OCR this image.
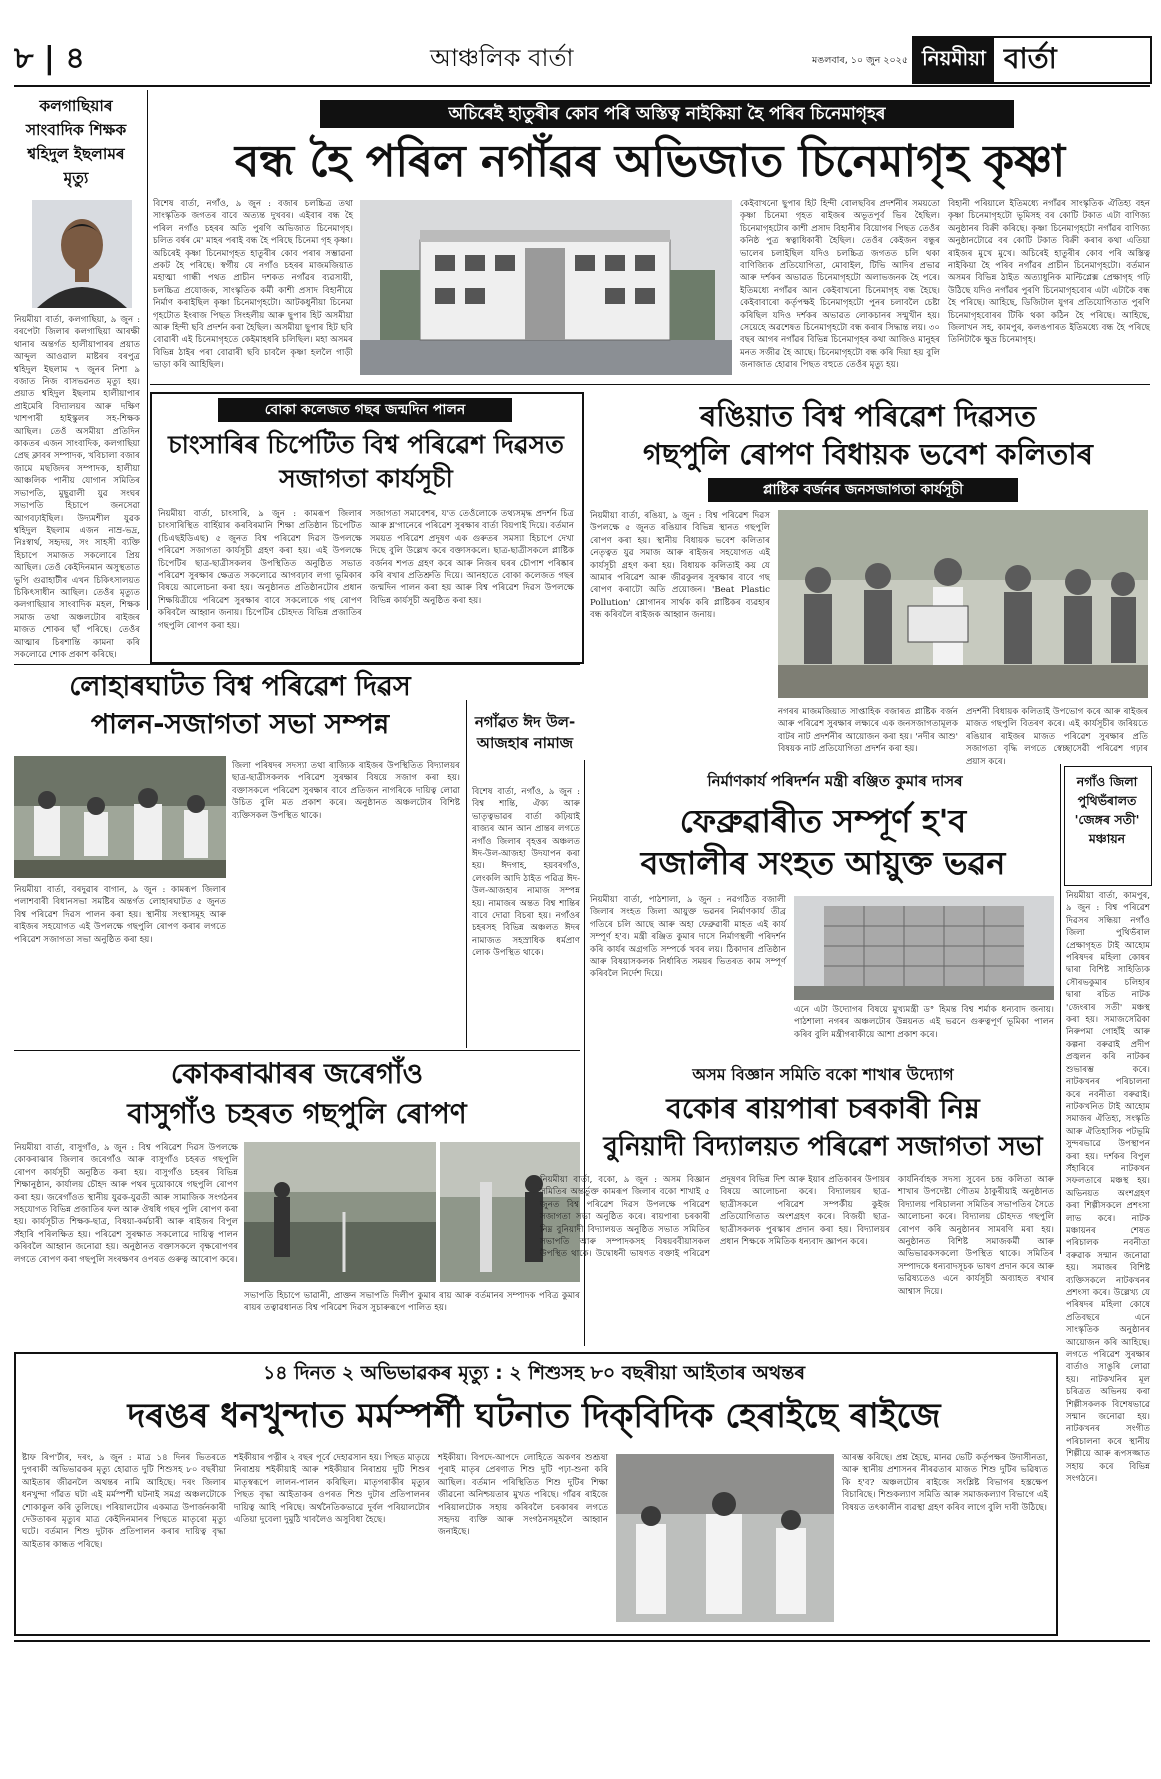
৮ | ৪	আঞ্চলিক বাৰ্তা	মঙলবাৰ, ১০ জুন ২০২৫ নিয়মীয়া বাৰ্তা
কলগাছিয়াৰ সাংবাদিক শিক্ষক শ্বহিদুল ইছলামৰ মৃত্যু
নিয়মীয়া বাৰ্তা, কলগাছিয়া, ৯ জুন : বৰপেটা জিলাৰ কলগাছিয়া আৰক্ষী থানাৰ অন্তৰ্গত হালীয়াপাৰৰ প্ৰয়াত আব্দুল আওৱাল মাষ্টৰৰ বৰপুত্ৰ শ্বহিদুল ইছলাম ৭ জুনৰ নিশা ৯ বজাত নিজ বাসভৱনত মৃত্যু হয়। প্ৰয়াত শ্বহিদুল ইছলাম হালীয়াপাৰ প্ৰাইমেৰি বিদ্যালয়ৰ আৰু দক্ষিণ খাশপাৰী হাইস্কুলৰ সহ-শিক্ষক আছিল। তেওঁ অসমীয়া প্ৰতিদিন কাকতৰ এজন সাংবাদিক, কলগাছিয়া প্ৰেছ ক্লাবৰ সম্পাদক, খবিচালা বজাৰ জামে মছজিদৰ সম্পাদক, হালীয়া আঞ্চলিক পানীয় যোগান সমিতিৰ সভাপতি, মুছুৱালী যুৱ সংঘৰ সভাপতি হিচাপে জনসেৱা আগবঢ়াইছিল। উদ্যমশীল যুৱক শ্বহিদুল ইছলাম এজন নাম্ৰ-ভদ্ৰ, নিঃস্বাৰ্থ, সহৃদয়, সং সাহসী ব্যক্তি হিচাপে সমাজত সকলোৰে প্ৰিয় আছিল। তেওঁ কেইদিনমান অসুস্থতাত ভুগি গুৱাহাটীৰ এখন চিকিৎসালয়ত চিকিৎসাধীন আছিল। তেওঁৰ মৃত্যুত কলগাছিয়াৰ সাংবাদিক মহল, শিক্ষক সমাজ তথা অঞ্চলটোৰ ৰাইজৰ মাজত শোকৰ ছাঁ পৰিছে। তেওঁৰ আত্মাৰ চিৰশান্তি কামনা কৰি সকলোৱে শোক প্ৰকাশ কৰিছে।
অচিৰেই হাতুৰীৰ কোব পৰি অস্তিত্ব নাইকিয়া হৈ পৰিব চিনেমাগৃহৰ
বন্ধ হৈ পৰিল নগাঁৱৰ অভিজাত চিনেমাগৃহ কৃষ্ণা
বিশেষ বাৰ্তা, নগাঁও, ৯ জুন : বজাৰ চলচ্চিত্ৰ তথা সাংস্কৃতিক জগতৰ বাবে অত্যন্ত দুখবৰ। এইবাৰ বন্ধ হৈ পৰিল নগাঁও চহৰৰ অতি পুৰণি অভিজাত চিনেমাগৃহ। চলিত বৰ্ষৰ মে' মাহৰ পৰাই বন্ধ হৈ পৰিছে চিনেমা গৃহ কৃষ্ণা। অচিৰেই কৃষ্ণা চিনেমাগৃহত হাতুৰীৰ কোব পৰাৰ সম্ভাৱনা প্ৰকট হৈ পৰিছে। স্বৰ্গীয় যে নগাঁও চহৰৰ মাজমজিয়াত মহাত্মা গান্ধী পথত প্ৰাচীন দশকত নগাঁৱৰ ব্যৱসায়ী, চলচ্চিত্ৰ প্ৰযোজক, সাংস্কৃতিক কৰ্মী কাশী প্ৰসাদ বিহানীয়ে নিৰ্মাণ কৰাইছিল কৃষ্ণা চিনেমাগৃহটো। আটকধুনীয়া চিনেমা গৃহটোত ইংৰাজ পিছত সিংহলীয় আৰু ছুপাৰ হিট অসমীয়া আৰু হিন্দী ছবি প্ৰদৰ্শন কৰা হৈছিল। অসমীয়া ছুপাৰ হিট ছবি বোৱাৰী এই চিনেমাগৃহতে কেইমাহধৰি চলিছিল। মহা অসমৰ বিভিন্ন ঠাইৰ পৰা বোৱাৰী ছবি চাবলৈ কৃষ্ণা হললৈ গাড়ী ভাড়া কৰি আহিছিল।
কেইবাখনো ছুপাৰ হিট হিন্দী বোলছবিৰ প্ৰদৰ্শনীৰ সময়তো কৃষ্ণা চিনেমা গৃহত ৰাইজৰ অভূতপূৰ্ব ভিৰ হৈছিল। চিনেমাগৃহটোৰ কাশী প্ৰসাদ বিহানীৰ বিয়োগৰ পিছত তেওঁৰ কনিষ্ঠ পুত্ৰ স্বত্বাধিকাৰী হৈছিল। তেওঁৰ কেইজন বন্ধুৰ ভালেৰ চলাইছিল যদিও চলচ্চিত্ৰ জগতত চলি থকা বাণিজ্যিক প্ৰতিযোগিতা, মোবাইল, টিভি আদিৰ প্ৰভাৱ আৰু দৰ্শকৰ অভাৱত চিনেমাগৃহটো অলাভজনক হৈ পৰে। ইতিমধ্যে নগাঁৱৰ আন কেইবাখনো চিনেমাগৃহ বন্ধ হৈছে। কেইবাবাৰো কৰ্তৃপক্ষই চিনেমাগৃহটো পুনৰ চলাবলৈ চেষ্টা কৰিছিল যদিও দৰ্শকৰ অভাৱত লোকচানৰ সন্মুখীন হয়। সেয়েহে অৱশেষত চিনেমাগৃহটো বন্ধ কৰাৰ সিদ্ধান্ত লয়। ৩০ বছৰ আগৰ নগাঁৱৰ বিভিন্ন চিনেমাগৃহৰ কথা আজিও মানুহৰ মনত সজীৱ হৈ আছে। চিনেমাগৃহটো বন্ধ কৰি দিয়া হয় বুলি জনাজাত হোৱাৰ পিছত বহুতে তেওঁৰ মৃত্যু হয়।
বিহানী পৰিয়ালে ইতিমধ্যে নগাঁৱৰ সাংস্কৃতিক ঐতিহ্য বহন কৃষ্ণা চিনেমাগৃহটো ভূমিসহ বৰ কোটি টকাত এটা বাণিজ্য অনুষ্ঠানৰ বিক্ৰী কৰিছে। কৃষ্ণা চিনেমাগৃহটো নগাঁৱৰ বাণিজ্য অনুষ্ঠানটোৱে বৰ কোটি টকাত বিক্ৰী কৰাৰ কথা এতিয়া ৰাইজৰ মুখে মুখে। অচিৰেই হাতুৰীৰ কোব পৰি অস্তিত্ব নাইকিয়া হৈ পৰিব নগাঁৱৰ প্ৰাচীন চিনেমাগৃহটো। বৰ্তমান অসমৰ বিভিন্ন ঠাইত অত্যাধুনিক মাল্টিপ্লেক্স প্ৰেক্ষাগৃহ গঢ়ি উঠিছে যদিও নগাঁৱৰ পুৰণি চিনেমাগৃহবোৰ এটা এটাকৈ বন্ধ হৈ পৰিছে। আহিছে, ডিজিটাল যুগৰ প্ৰতিযোগিতাত পুৰণি চিনেমাগৃহবোৰৰ টিকি থকা কঠিন হৈ পৰিছে। আহিছে, জিলাখন সহ, কামপুৰ, কলঙপাৰত ইতিমধ্যে বন্ধ হৈ পৰিছে তিনিটাকৈ ক্ষুদ্ৰ চিনেমাগৃহ।
বোকা কলেজত গছৰ জন্মদিন পালন
চাংসাৰিৰ চিপেটিত বিশ্ব পৰিৱেশ দিৱসত সজাগতা কাৰ্যসূচী
নিয়মীয়া বাৰ্তা, চাংসাৰি, ৯ জুন : কামৰূপ জিলাৰ চাংসাৰিস্থিত বাৰ্হিয়াৰ কৰবিৰমানি শিক্ষা প্ৰতিষ্ঠান চিপেটিত (চিএছইডিএছ) ৫ জুনত বিশ্ব পৰিৱেশ দিৱস উপলক্ষে পৰিৱেশ সজাগতা কাৰ্যসূচী গ্ৰহণ কৰা হয়। এই উপলক্ষে চিপেটিৰ ছাত্ৰ-ছাত্ৰীসকলৰ উপস্থিতিত অনুষ্ঠিত সভাত পৰিৱেশ সুৰক্ষাৰ ক্ষেত্ৰত সকলোৱে আগবঢ়াব লগা ভূমিকাৰ বিষয়ে আলোচনা কৰা হয়। অনুষ্ঠানত প্ৰতিষ্ঠানটোৰ প্ৰধান শিক্ষয়িত্ৰীয়ে পৰিৱেশ সুৰক্ষাৰ বাবে সকলোকে গছ ৰোপণ কৰিবলৈ আহ্বান জনায়। চিপেটিৰ চৌহদত বিভিন্ন প্ৰজাতিৰ গছপুলি ৰোপণ কৰা হয়।
সজাগতা সমাবেশৰ, য'ত তেওঁলোকে তথ্যসমৃদ্ধ প্ৰদৰ্শন চিত্ৰ আৰু শ্ল'গানেৰে পৰিৱেশ সুৰক্ষাৰ বাৰ্তা বিয়পাই দিয়ে। বৰ্তমান সময়ত পৰিৱেশ প্ৰদূষণ এক গুৰুতৰ সমস্যা হিচাপে দেখা দিছে বুলি উল্লেখ কৰে বক্তাসকলে। ছাত্ৰ-ছাত্ৰীসকলে প্লাষ্টিক বৰ্জনৰ শপত গ্ৰহণ কৰে আৰু নিজৰ ঘৰৰ চৌপাশ পৰিষ্কাৰ কৰি ৰখাৰ প্ৰতিশ্ৰুতি দিয়ে। আনহাতে বোকা কলেজত গছৰ জন্মদিন পালন কৰা হয় আৰু বিশ্ব পৰিৱেশ দিৱস উপলক্ষে বিভিন্ন কাৰ্যসূচী অনুষ্ঠিত কৰা হয়।
ৰঙিয়াত বিশ্ব পৰিৱেশ দিৱসত
গছপুলি ৰোপণ বিধায়ক ভবেশ কলিতাৰ
প্লাষ্টিক বৰ্জনৰ জনসজাগতা কাৰ্যসূচী
নিয়মীয়া বাৰ্তা, ৰঙিয়া, ৯ জুন : বিশ্ব পৰিৱেশ দিৱস উপলক্ষে ৫ জুনত ৰঙিয়াৰ বিভিন্ন স্থানত গছপুলি ৰোপণ কৰা হয়। স্থানীয় বিধায়ক ভবেশ কলিতাৰ নেতৃত্বত যুৱ সমাজ আৰু ৰাইজৰ সহযোগত এই কাৰ্যসূচী গ্ৰহণ কৰা হয়। বিধায়ক কলিতাই কয় যে আমাৰ পৰিৱেশ আৰু জীৱকুলৰ সুৰক্ষাৰ বাবে গছ ৰোপণ কৰাটো অতি প্ৰয়োজন। 'Beat Plastic Pollution' শ্লোগানৰ সাৰ্থক কৰি প্লাষ্টিকৰ ব্যৱহাৰ বন্ধ কৰিবলৈ ৰাইজক আহ্বান জনায়।
নগৰৰ মাজমজিয়াত সাপ্তাহিক বজাৰত প্লাষ্টিক বৰ্জন আৰু পৰিৱেশ সুৰক্ষাৰ লক্ষ্যৰে এক জনসজাগতামূলক বাটৰ নাট প্ৰদৰ্শনীৰ আয়োজন কৰা হয়। 'নদীৰ আশু' বিষয়ক নাট প্ৰতিযোগিতা প্ৰদৰ্শন কৰা হয়।
প্ৰদৰ্শনী বিধায়ক কলিতাই উপভোগ কৰে আৰু ৰাইজৰ মাজত গছপুলি বিতৰণ কৰে। এই কাৰ্যসূচীৰ জৰিয়তে ৰঙিয়াৰ ৰাইজৰ মাজত পৰিৱেশ সুৰক্ষাৰ প্ৰতি সজাগতা বৃদ্ধি লগতে স্বেচ্ছাসেৱী পৰিৱেশ গঢ়াৰ প্ৰয়াস কৰে।
লোহাৰঘাটত বিশ্ব পৰিৱেশ দিৱস পালন-সজাগতা সভা সম্পন্ন
নিয়মীয়া বাৰ্তা, বৰদুৱাৰ বাগান, ৯ জুন : কামৰূপ জিলাৰ পলাশবাৰী বিধানসভা সমষ্টিৰ অন্তৰ্গত লোহাৰঘাটত ৫ জুনত বিশ্ব পৰিৱেশ দিৱস পালন কৰা হয়। স্থানীয় সংস্থাসমূহ আৰু ৰাইজৰ সহযোগত এই উপলক্ষে গছপুলি ৰোপণ কৰাৰ লগতে পৰিৱেশ সজাগতা সভা অনুষ্ঠিত কৰা হয়।
জিলা পৰিষদৰ সদস্যা তথা ৰাজ্যিক ৰাইজৰ উপস্থিতিত বিদ্যালয়ৰ ছাত্ৰ-ছাত্ৰীসকলক পৰিৱেশ সুৰক্ষাৰ বিষয়ে সজাগ কৰা হয়। বক্তাসকলে পৰিৱেশ সুৰক্ষাৰ বাবে প্ৰতিজন নাগৰিকে দায়িত্ব লোৱা উচিত বুলি মত প্ৰকাশ কৰে। অনুষ্ঠানত অঞ্চলটোৰ বিশিষ্ট ব্যক্তিসকল উপস্থিত থাকে।
নগাঁৱত ঈদ উল-আজহাৰ নামাজ
বিশেষ বাৰ্তা, নগাঁও, ৯ জুন : বিশ্ব শান্তি, ঐক্য আৰু ভাতৃত্বভাৱৰ বাৰ্তা কঢ়িয়াই ৰাজ্যৰ আন আন প্ৰান্তৰ লগতে নগাঁও জিলাৰ বৃহত্তৰ অঞ্চলত ঈদ-উল-আজহা উদযাপন কৰা হয়। ঈদগাহ, হয়বৰগাঁও, লেংকলি আদি ঠাইত পৱিত্ৰ ঈদ-উল-আজহাৰ নামাজ সম্পন্ন হয়। নামাজৰ অন্তত বিশ্ব শান্তিৰ বাবে দোৱা বিচৰা হয়। নগাঁওৰ চহৰসহ বিভিন্ন অঞ্চলত ঈদৰ নামাজত সহস্ৰাধিক ধৰ্মপ্ৰাণ লোক উপস্থিত থাকে।
নিৰ্মাণকাৰ্য পৰিদৰ্শন মন্ত্ৰী ৰঞ্জিত কুমাৰ দাসৰ
ফেব্ৰুৱাৰীত সম্পূৰ্ণ হ'ব
বজালীৰ সংহত আয়ুক্ত ভৱন
নিয়মীয়া বাৰ্তা, পাঠশালা, ৯ জুন : নৱগঠিত বজালী জিলাৰ সংহত জিলা আয়ুক্ত ভৱনৰ নিৰ্মাণকাৰ্য তীব্ৰ গতিৰে চলি আছে আৰু অহা ফেব্ৰুৱাৰী মাহত এই কাৰ্য সম্পূৰ্ণ হ'ব। মন্ত্ৰী ৰঞ্জিত কুমাৰ দাসে নিৰ্মাণস্থলী পৰিদৰ্শন কৰি কাৰ্যৰ অগ্ৰগতি সম্পৰ্কে খবৰ লয়। ঠিকাদাৰ প্ৰতিষ্ঠান আৰু বিষয়াসকলক নিৰ্ধাৰিত সময়ৰ ভিতৰত কাম সম্পূৰ্ণ কৰিবলৈ নিৰ্দেশ দিয়ে।
এনে এটা উদ্যোগৰ বিষয়ে মুখ্যমন্ত্ৰী ড° হিমন্ত বিশ্ব শৰ্মাক ধন্যবাদ জনায়। পাঠশালা নগৰৰ অঞ্চলটোৰ উন্নয়নত এই ভৱনে গুৰুত্বপূৰ্ণ ভূমিকা পালন কৰিব বুলি মন্ত্ৰীগৰাকীয়ে আশা প্ৰকাশ কৰে।
নগাঁও জিলা পুথিভঁৰালত 'জেঙ্গৰ সতী' মঞ্চায়ন
নিয়মীয়া বাৰ্তা, কামপুৰ, ৯ জুন : বিশ্ব পৰিৱেশ দিৱসৰ সন্ধিয়া নগাঁও জিলা পুথিভঁৰাল প্ৰেক্ষাগৃহত টাই আহোম পৰিষদৰ মহিলা কোষৰ দ্বাৰা বিশিষ্ট সাহিত্যিক সৌৰভকুমাৰ চলিহাৰ দ্বাৰা ৰচিত নাটক 'জেংৰাৰ সতী' মঞ্চস্থ কৰা হয়। সমাজসেৱিকা নিৰুপমা গোহাঁই আৰু কল্পনা বৰুৱাই প্ৰদীপ প্ৰজ্বলন কৰি নাটকৰ শুভাৰম্ভ কৰে। নাটকখনৰ পৰিচালনা কৰে নবনীতা বৰুৱাই। নাটকখনিত টাই আহোম সমাজৰ ঐতিহ্য, সংস্কৃতি আৰু ঐতিহাসিক পটভূমি সুন্দৰভাৱে উপস্থাপন কৰা হয়। দৰ্শকৰ বিপুল সঁহাৰিৰে নাটকখন সফলতাৰে মঞ্চস্থ হয়। অভিনয়ত অংশগ্ৰহণ কৰা শিল্পীসকলে প্ৰশংসা লাভ কৰে। নাটক মঞ্চায়নৰ শেষত পৰিচালক নবনীতা বৰুৱাক সন্মান জনোৱা হয়। সমাজৰ বিশিষ্ট ব্যক্তিসকলে নাটকখনৰ প্ৰশংসা কৰে। উল্লেখ্য যে পৰিষদৰ মহিলা কোষে প্ৰতিবছৰে এনে সাংস্কৃতিক অনুষ্ঠানৰ আয়োজন কৰি আহিছে। লগতে পৰিৱেশ সুৰক্ষাৰ বাৰ্তাও সাঙুৰি লোৱা হয়। নাটকখনিৰ মূল চৰিত্ৰত অভিনয় কৰা শিল্পীসকলক বিশেষভাৱে সন্মান জনোৱা হয়। নাটকখনৰ সংগীত পৰিচালনা কৰে স্থানীয় শিল্পীয়ে আৰু ৰূপসজ্জাত সহায় কৰে বিভিন্ন সংগঠনে।
কোকৰাঝাৰৰ জৰেগাঁও
বাসুগাঁও চহৰত গছপুলি ৰোপণ
নিয়মীয়া বাৰ্তা, বাসুগাঁও, ৯ জুন : বিশ্ব পৰিৱেশ দিৱস উপলক্ষে কোকৰাঝাৰ জিলাৰ জৰেগাঁও আৰু বাসুগাঁও চহৰত গছপুলি ৰোপণ কাৰ্যসূচী অনুষ্ঠিত কৰা হয়। বাসুগাঁও চহৰৰ বিভিন্ন শিক্ষানুষ্ঠান, কাৰ্যালয় চৌহদ আৰু পথৰ দুয়োকাষে গছপুলি ৰোপণ কৰা হয়। জৰেগাঁওত স্থানীয় যুৱক-যুৱতী আৰু সামাজিক সংগঠনৰ সহযোগত বিভিন্ন প্ৰজাতিৰ ফল আৰু ঔষধি গছৰ পুলি ৰোপণ কৰা হয়। কাৰ্যসূচীত শিক্ষক-ছাত্ৰ, বিষয়া-কৰ্মচাৰী আৰু ৰাইজৰ বিপুল সঁহাৰি পৰিলক্ষিত হয়। পৰিৱেশ সুৰক্ষাত সকলোৱে দায়িত্ব পালন কৰিবলৈ আহ্বান জনোৱা হয়। অনুষ্ঠানত বক্তাসকলে বৃক্ষৰোপণৰ লগতে ৰোপণ কৰা গছপুলি সংৰক্ষণৰ ওপৰত গুৰুত্ব আৰোপ কৰে।
সভাপতি হিচাপে ভাৱানী, প্ৰাক্তন সভাপতি দিলীপ কুমাৰ ৰায় আৰু বৰ্তমানৰ সম্পাদক পবিত্ৰ কুমাৰ ৰায়ৰ তত্বাৱধানত বিশ্ব পৰিৱেশ দিৱস সুচাৰুৰূপে পালিত হয়।
অসম বিজ্ঞান সমিতি বকো শাখাৰ উদ্যোগ
বকোৰ ৰায়পাৰা চৰকাৰী নিম্ন
বুনিয়াদী বিদ্যালয়ত পৰিৱেশ সজাগতা সভা
নিয়মীয়া বাৰ্তা, বকো, ৯ জুন : অসম বিজ্ঞান সমিতিৰ অন্তৰ্ভুক্ত কামৰূপ জিলাৰ বকো শাখাই ৫ জুনত বিশ্ব পৰিৱেশ দিৱস উপলক্ষে পৰিৱেশ সজাগতা সভা অনুষ্ঠিত কৰে। ৰায়পাৰা চৰকাৰী নিম্ন বুনিয়াদী বিদ্যালয়ত অনুষ্ঠিত সভাত সমিতিৰ সভাপতি আৰু সম্পাদকসহ বিষয়ববীয়াসকল উপস্থিত থাকে। উদ্বোধনী ভাষণত বক্তাই পৰিৱেশ প্ৰদূষণৰ বিভিন্ন দিশ আৰু ইয়াৰ প্ৰতিকাৰৰ উপায়ৰ বিষয়ে আলোচনা কৰে। বিদ্যালয়ৰ ছাত্ৰ-ছাত্ৰীসকলে পৰিৱেশ সম্পৰ্কীয় কুইজ প্ৰতিযোগিতাত অংশগ্ৰহণ কৰে। বিজয়ী ছাত্ৰ-ছাত্ৰীসকলক পুৰস্কাৰ প্ৰদান কৰা হয়। বিদ্যালয়ৰ প্ৰধান শিক্ষকে সমিতিক ধন্যবাদ জ্ঞাপন কৰে।
কাৰ্যনিৰ্বাহক সদস্য সুবেন চন্দ্ৰ কলিতা আৰু শাখাৰ উপদেষ্টা গৌতম ঠাকুৰীয়াই অনুষ্ঠানত বিদ্যালয় পৰিচালনা সমিতিৰ সভাপতিৰ সৈতে আলোচনা কৰে। বিদ্যালয় চৌহদত গছপুলি ৰোপণ কৰি অনুষ্ঠানৰ সামৰণি মৰা হয়। অনুষ্ঠানত বিশিষ্ট সমাজকৰ্মী আৰু অভিভাৱকসকলো উপস্থিত থাকে। সমিতিৰ সম্পাদকে ধন্যবাদসূচক ভাষণ প্ৰদান কৰে আৰু ভৱিষ্যতেও এনে কাৰ্যসূচী অব্যাহত ৰখাৰ আশ্বাস দিয়ে।
১৪ দিনত ২ অভিভাৱকৰ মৃত্যু : ২ শিশুসহ ৮০ বছৰীয়া আইতাৰ অথন্তৰ
দৰঙৰ ধনখুন্দাত মৰ্মস্পৰ্শী ঘটনাত দিক্‌বিদিক হেৰাইছে ৰাইজে
ষ্টাফ ৰিপ'ৰ্টাৰ, দৰং, ৯ জুন : মাত্ৰ ১৪ দিনৰ ভিতৰতে দুগৰাকী অভিভাৱকৰ মৃত্যু হোৱাত দুটি শিশুসহ ৮০ বছৰীয়া আইতাৰ জীৱনলৈ অথন্তৰ নামি আহিছে। দৰং জিলাৰ ধনখুন্দা গাঁৱত ঘটা এই মৰ্মস্পৰ্শী ঘটনাই সমগ্ৰ অঞ্চলটোকে শোকাকুল কৰি তুলিছে। পৰিয়ালটোৰ একমাত্ৰ উপাৰ্জনকাৰী দেউতাকৰ মৃত্যুৰ মাত্ৰ কেইদিনমানৰ পিছতে মাতৃৰো মৃত্যু ঘটে। বৰ্তমান শিশু দুটাক প্ৰতিপালন কৰাৰ দায়িত্ব বৃদ্ধা আইতাৰ কান্ধত পৰিছে।
শইকীয়াৰ পত্নীৰ ২ বছৰ পূৰ্বে দেহাৱসান হয়। পিছত মাতৃয়ে নিৰাশ্ৰয় শইকীয়াই আৰু শইকীয়াৰ নিৰাশ্ৰয় দুটি শিশুৰ মাতৃস্বৰূপে লালন-পালন কৰিছিল। মাতৃগৰাকীৰ মৃত্যুৰ পিছত বৃদ্ধা আইতাকৰ ওপৰত শিশু দুটাৰ প্ৰতিপালনৰ দায়িত্ব আহি পৰিছে। অৰ্থনৈতিকভাৱে দুৰ্বল পৰিয়ালটোৰ এতিয়া দুবেলা দুমুঠি খাবলৈও অসুবিধা হৈছে।
শইকীয়া। বিপদে-আপদে লোহিতে অকণৰ শুশ্ৰূষা পূৰাই মাতৃৰ প্ৰেৰণাত শিশু দুটি পঢ়া-শুনা কৰি আছিল। বৰ্তমান পৰিস্থিতিত শিশু দুটিৰ শিক্ষা জীৱনো অনিশ্চয়তাৰ মুখত পৰিছে। গাঁৱৰ ৰাইজে পৰিয়ালটোক সহায় কৰিবলৈ চৰকাৰৰ লগতে সহৃদয় ব্যক্তি আৰু সংগঠনসমূহলৈ আহ্বান জনাইছে।
আৰম্ভ কৰিছে। প্ৰশ্ন হৈছে, মানৱ ভেটি কৰ্তৃপক্ষৰ উদাসীনতা, আৰু স্থানীয় প্ৰশাসনৰ নীৰৱতাৰ মাজত শিশু দুটিৰ ভৱিষ্যত কি হ'ব? অঞ্চলটোৰ ৰাইজে সংশ্লিষ্ট বিভাগৰ হস্তক্ষেপ বিচাৰিছে। শিশুকল্যাণ সমিতি আৰু সমাজকল্যাণ বিভাগে এই বিষয়ত তৎকালীন ব্যৱস্থা গ্ৰহণ কৰিব লাগে বুলি দাবী উঠিছে।
